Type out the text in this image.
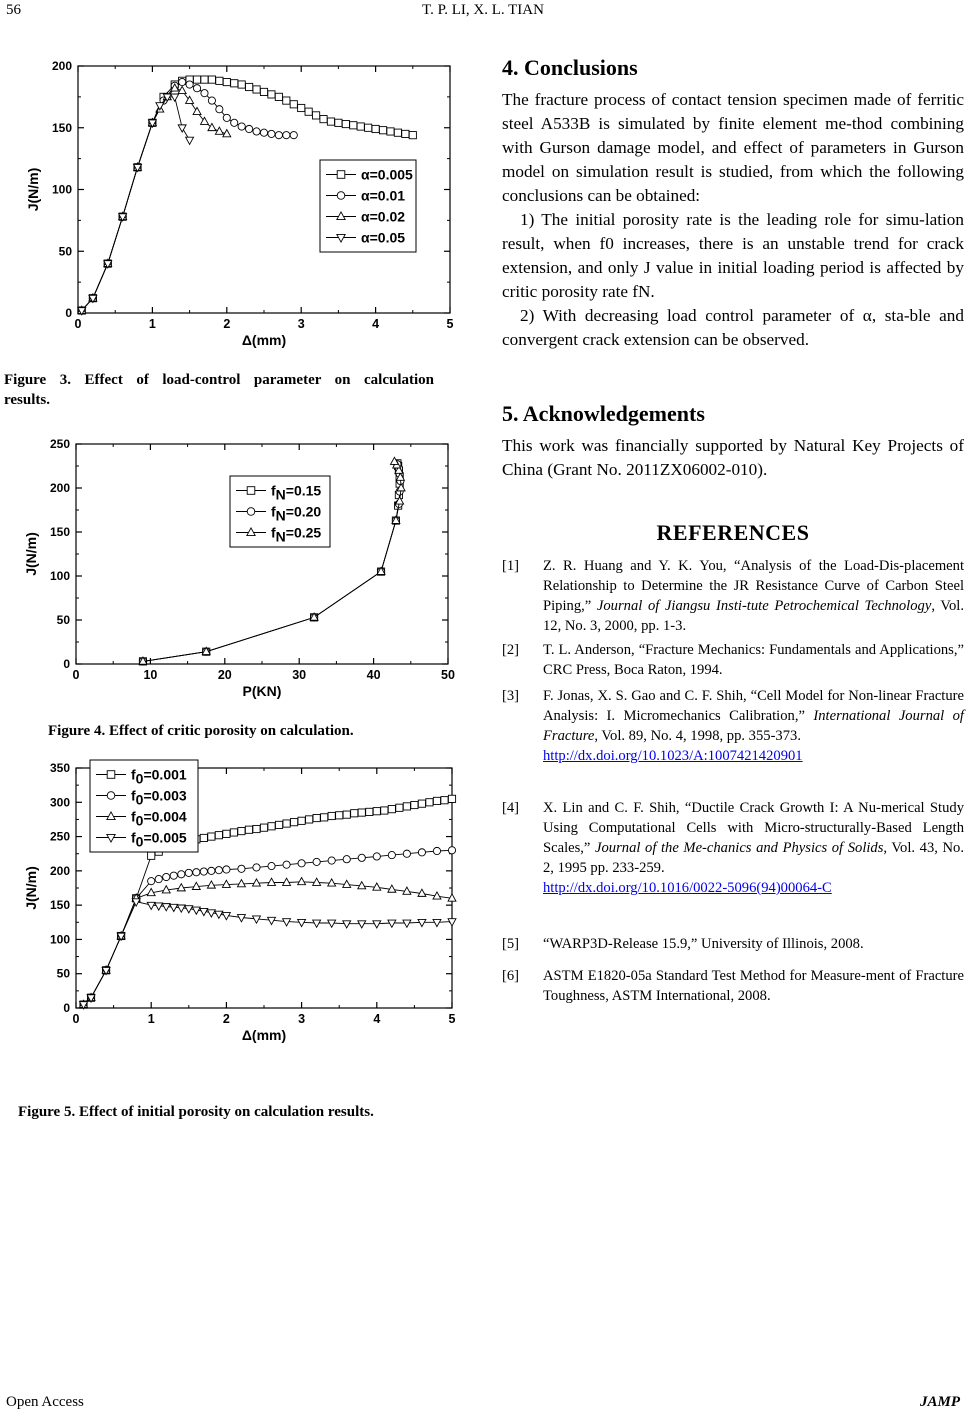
T. P. LI, X. L. TIAN
56
0	1	2	3	4	5
0
50
100
150
200
Δ(mm)
J(N/m)	α=0.005
α=0.01
α=0.02
α=0.05
Figure 3. Effect of load-control parameter on calculation
results.
0	10	20	30	40	50
0
50
100
150
200
250
P(KN)
J(N/m)
fN=0.15
fN=0.20
fN=0.25
Figure 4. Effect of critic porosity on calculation.
0	1	2	3	4	5
0
50
100
150
200
250
300
350
Δ(mm)
J(N/m)
f0=0.001
f0=0.003
f0=0.004
f0=0.005
Figure 5. Effect of initial porosity on calculation results.
4. Conclusions

The fracture process of contact tension specimen made of ferritic steel A533B is simulated by finite element me-thod combining with Gurson damage model, and effect of parameters in Gurson model on simulation result is studied, from which the following conclusions can be obtained:

1) The initial porosity rate is the leading role for simu-lation result, when f0 increases, there is an unstable trend for crack extension, and only J value in initial loading period is affected by critic porosity rate fN.

2) With decreasing load control parameter of α, sta-ble and convergent crack extension can be observed.

5. Acknowledgements

This work was financially supported by Natural Key Projects of China (Grant No. 2011ZX06002-010).

REFERENCES
[1] Z. R. Huang and Y. K. You, “Analysis of the Load-Dis-placement Relationship to Determine the JR Resistance Curve of Carbon Steel Piping,” Journal of Jiangsu Insti-tute Petrochemical Technology, Vol. 12, No. 3, 2000, pp. 1-3.
[2] T. L. Anderson, “Fracture Mechanics: Fundamentals and Applications,” CRC Press, Boca Raton, 1994.
[3] F. Jonas, X. S. Gao and C. F. Shih, “Cell Model for Non-linear Fracture Analysis: I. Micromechanics Calibration,” International Journal of Fracture, Vol. 89, No. 4, 1998, pp. 355-373.
http://dx.doi.org/10.1023/A:1007421420901
[4] X. Lin and C. F. Shih, “Ductile Crack Growth I: A Nu-merical Study Using Computational Cells with Micro-structurally-Based Length Scales,” Journal of the Me-chanics and Physics of Solids, Vol. 43, No. 2, 1995 pp. 233-259.
http://dx.doi.org/10.1016/0022-5096(94)00064-C
[5] “WARP3D-Release 15.9,” University of Illinois, 2008.
[6] ASTM E1820-05a Standard Test Method for Measure-ment of Fracture Toughness, ASTM International, 2008.
Open Access	JAMP
